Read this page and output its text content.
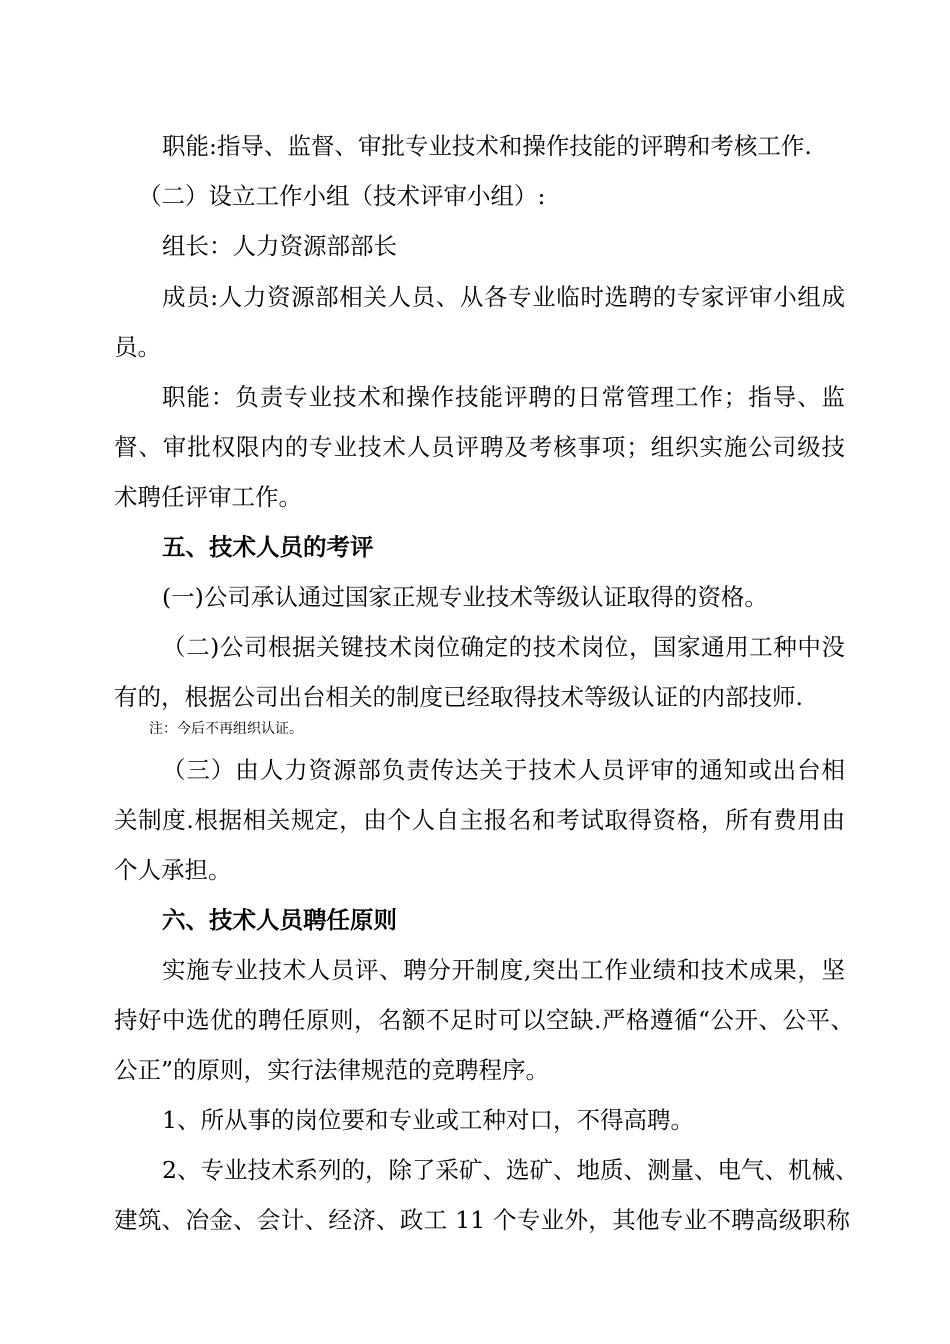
职能:指导、监督、审批专业技术和操作技能的评聘和考核工作.
（二）设立工作小组（技术评审小组）:
组长：人力资源部部长
成员:人力资源部相关人员、从各专业临时选聘的专家评审小组成
员。
职能：负责专业技术和操作技能评聘的日常管理工作；指导、监
督、审批权限内的专业技术人员评聘及考核事项；组织实施公司级技
术聘任评审工作。
五、技术人员的考评
(一)公司承认通过国家正规专业技术等级认证取得的资格。
（二)公司根据关键技术岗位确定的技术岗位，国家通用工种中没
有的，根据公司出台相关的制度已经取得技术等级认证的内部技师.
注：今后不再组织认证。
（三）由人力资源部负责传达关于技术人员评审的通知或出台相
关制度.根据相关规定，由个人自主报名和考试取得资格，所有费用由
个人承担。
六、技术人员聘任原则
实施专业技术人员评、聘分开制度,突出工作业绩和技术成果，坚
持好中选优的聘任原则，名额不足时可以空缺.严格遵循“公开、公平、
公正”的原则，实行法律规范的竞聘程序。
1、所从事的岗位要和专业或工种对口，不得高聘。
2、专业技术系列的，除了采矿、选矿、地质、测量、电气、机械、
建筑、冶金、会计、经济、政工 11 个专业外，其他专业不聘高级职称
